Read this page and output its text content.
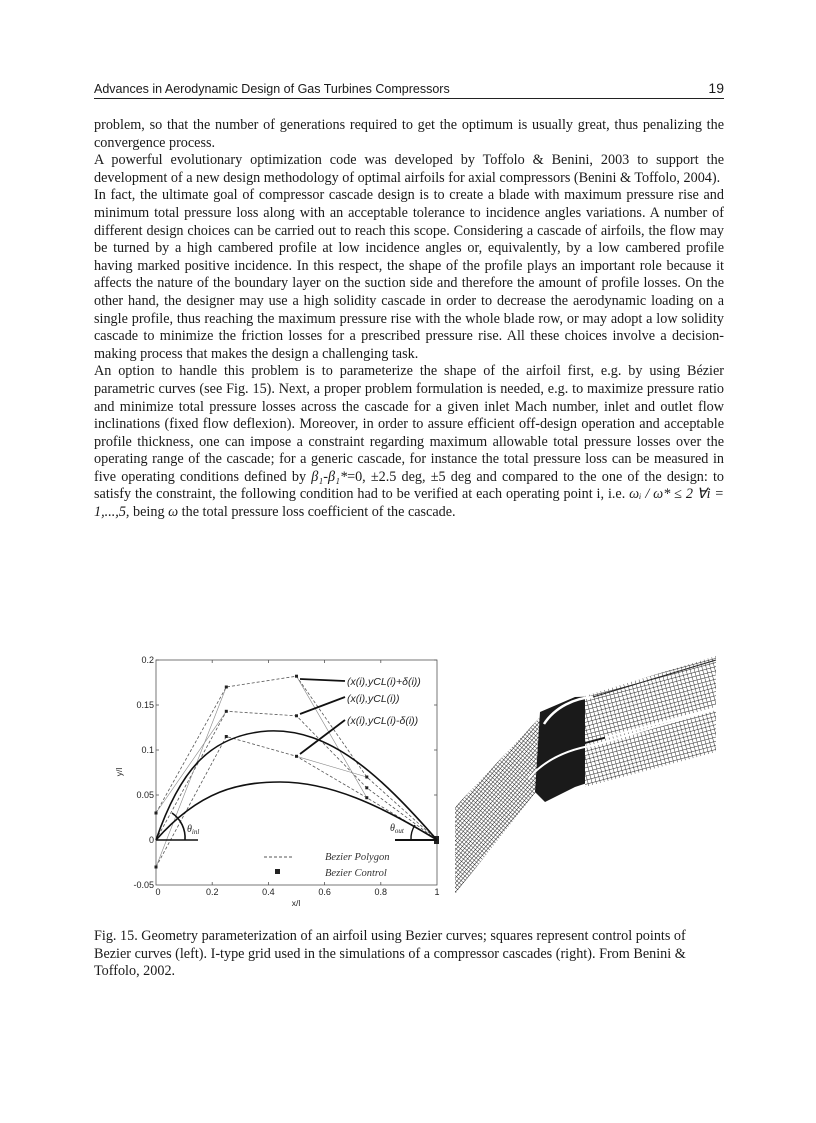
Advances in Aerodynamic Design of Gas Turbines Compressors	19

problem, so that the number of generations required to get the optimum is usually great, thus penalizing the convergence process.

A powerful evolutionary optimization code was developed by Toffolo & Benini, 2003 to support the development of a new design methodology of optimal airfoils for axial compressors (Benini & Toffolo, 2004).

In fact, the ultimate goal of compressor cascade design is to create a blade with maximum pressure rise and minimum total pressure loss along with an acceptable tolerance to incidence angles variations. A number of different design choices can be carried out to reach this scope. Considering a cascade of airfoils, the flow may be turned by a high cambered profile at low incidence angles or, equivalently, by a low cambered profile having marked positive incidence. In this respect, the shape of the profile plays an important role because it affects the nature of the boundary layer on the suction side and therefore the amount of profile losses. On the other hand, the designer may use a high solidity cascade in order to decrease the aerodynamic loading on a single profile, thus reaching the maximum pressure rise with the whole blade row, or may adopt a low solidity cascade to minimize the friction losses for a prescribed pressure rise. All these choices involve a decision-making process that makes the design a challenging task.

An option to handle this problem is to parameterize the shape of the airfoil first, e.g. by using Bézier parametric curves (see Fig. 15). Next, a proper problem formulation is needed, e.g. to maximize pressure ratio and minimize total pressure losses across the cascade for a given inlet Mach number, inlet and outlet flow inclinations (fixed flow deflexion). Moreover, in order to assure efficient off-design operation and acceptable profile thickness, one can impose a constraint regarding maximum allowable total pressure losses over the operating range of the cascade; for a generic cascade, for instance the total pressure loss can be measured in five operating conditions defined by β₁-β₁*=0, ±2.5 deg, ±5 deg and compared to the one of the design: to satisfy the constraint, the following condition had to be verified at each operating point i, i.e. ωᵢ / ω* ≤ 2 ∀i = 1,...,5, being ω the total pressure loss coefficient of the cascade.

0.2
0.15
0.1
0.05
0
-0.05
0	0.2	0.4	0.6	0.8	1
x/l
y/l
$\theta_{inl}$	$\theta_{out}$
(x(i),yCL(i)+δ(i))
(x(i),yCL(i))
(x(i),yCL(i)-δ(i))
Bezier Polygon
Bezier Control
Fig. 15. Geometry parameterization of an airfoil using Bezier curves; squares represent control points of Bezier curves (left). I-type grid used in the simulations of a compressor cascades (right). From Benini & Toffolo, 2002.
